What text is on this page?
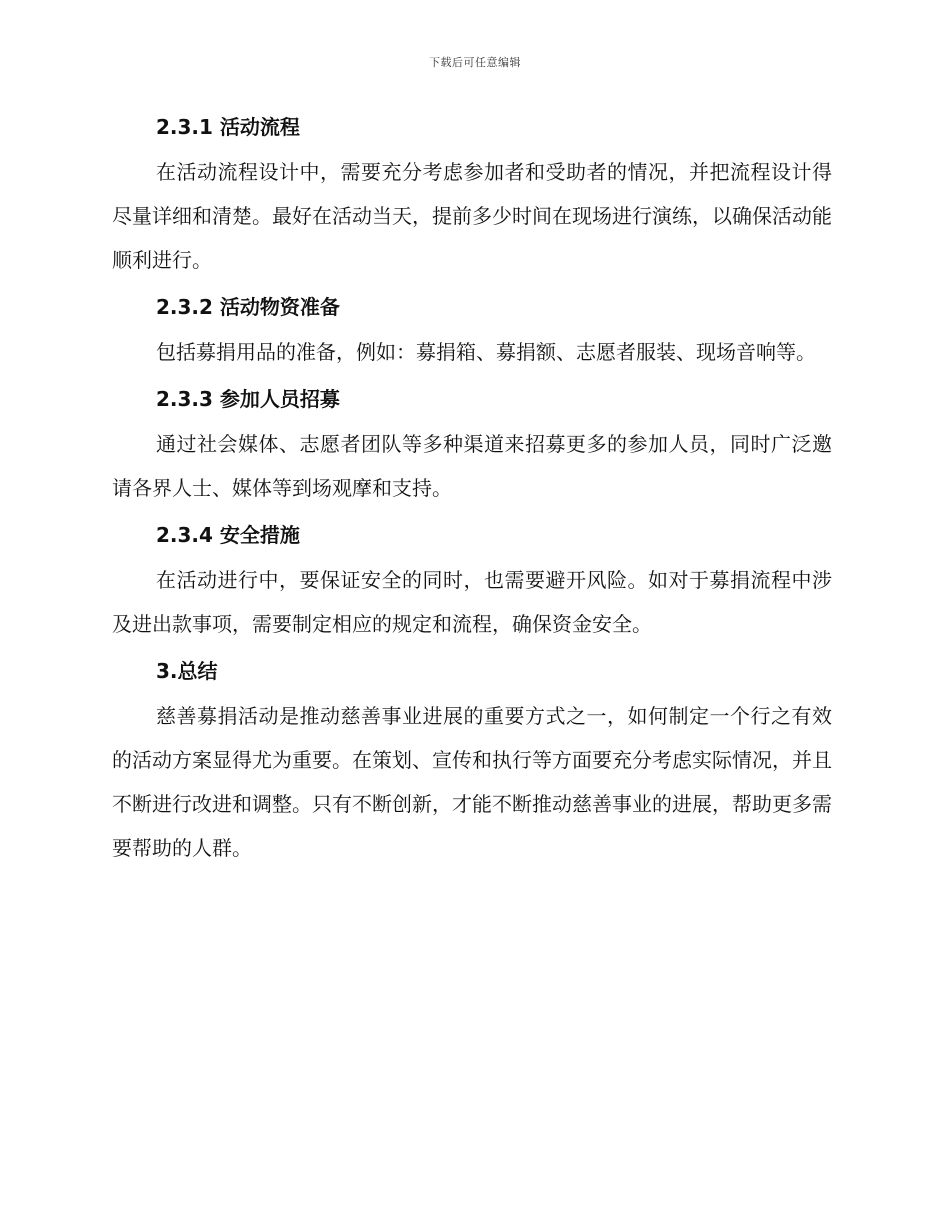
下载后可任意编辑
2.3.1 活动流程

在活动流程设计中，需要充分考虑参加者和受助者的情况，并把流程设计得尽量详细和清楚。最好在活动当天，提前多少时间在现场进行演练，以确保活动能顺利进行。

2.3.2 活动物资准备

包括募捐用品的准备，例如：募捐箱、募捐额、志愿者服装、现场音响等。

2.3.3 参加人员招募

通过社会媒体、志愿者团队等多种渠道来招募更多的参加人员，同时广泛邀请各界人士、媒体等到场观摩和支持。

2.3.4 安全措施

在活动进行中，要保证安全的同时，也需要避开风险。如对于募捐流程中涉及进出款事项，需要制定相应的规定和流程，确保资金安全。

3.总结

慈善募捐活动是推动慈善事业进展的重要方式之一，如何制定一个行之有效的活动方案显得尤为重要。在策划、宣传和执行等方面要充分考虑实际情况，并且不断进行改进和调整。只有不断创新，才能不断推动慈善事业的进展，帮助更多需要帮助的人群。
